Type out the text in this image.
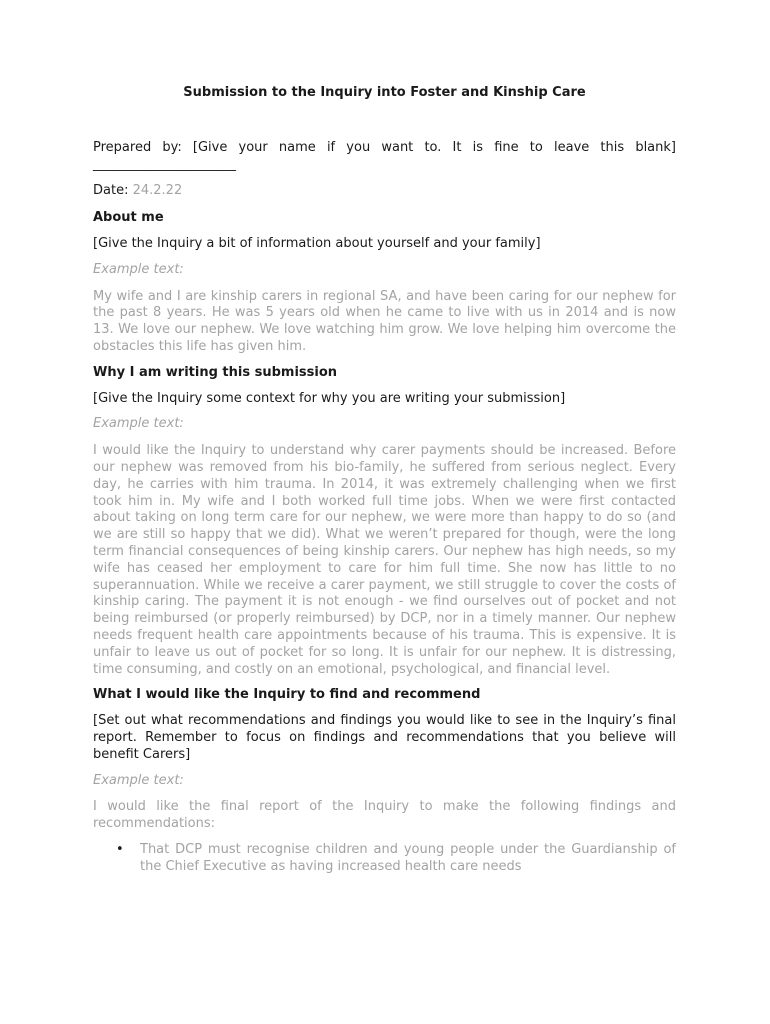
Submission to the Inquiry into Foster and Kinship Care

Prepared by: [Give your name if you want to. It is fine to leave this blank] ______________________

Date: 24.2.22

About me

[Give the Inquiry a bit of information about yourself and your family]

Example text:

My wife and I are kinship carers in regional SA, and have been caring for our nephew for the past 8 years. He was 5 years old when he came to live with us in 2014 and is now 13. We love our nephew. We love watching him grow. We love helping him overcome the obstacles this life has given him.

Why I am writing this submission

[Give the Inquiry some context for why you are writing your submission]

Example text:

I would like the Inquiry to understand why carer payments should be increased. Before our nephew was removed from his bio-family, he suffered from serious neglect. Every day, he carries with him trauma. In 2014, it was extremely challenging when we first took him in. My wife and I both worked full time jobs. When we were first contacted about taking on long term care for our nephew, we were more than happy to do so (and we are still so happy that we did). What we weren’t prepared for though, were the long term financial consequences of being kinship carers. Our nephew has high needs, so my wife has ceased her employment to care for him full time. She now has little to no superannuation. While we receive a carer payment, we still struggle to cover the costs of kinship caring. The payment it is not enough - we find ourselves out of pocket and not being reimbursed (or properly reimbursed) by DCP, nor in a timely manner. Our nephew needs frequent health care appointments because of his trauma. This is expensive. It is unfair to leave us out of pocket for so long. It is unfair for our nephew. It is distressing, time consuming, and costly on an emotional, psychological, and financial level.

What I would like the Inquiry to find and recommend

[Set out what recommendations and findings you would like to see in the Inquiry’s final report. Remember to focus on findings and recommendations that you believe will benefit Carers]

Example text:

I would like the final report of the Inquiry to make the following findings and recommendations:

• That DCP must recognise children and young people under the Guardianship of the Chief Executive as having increased health care needs
